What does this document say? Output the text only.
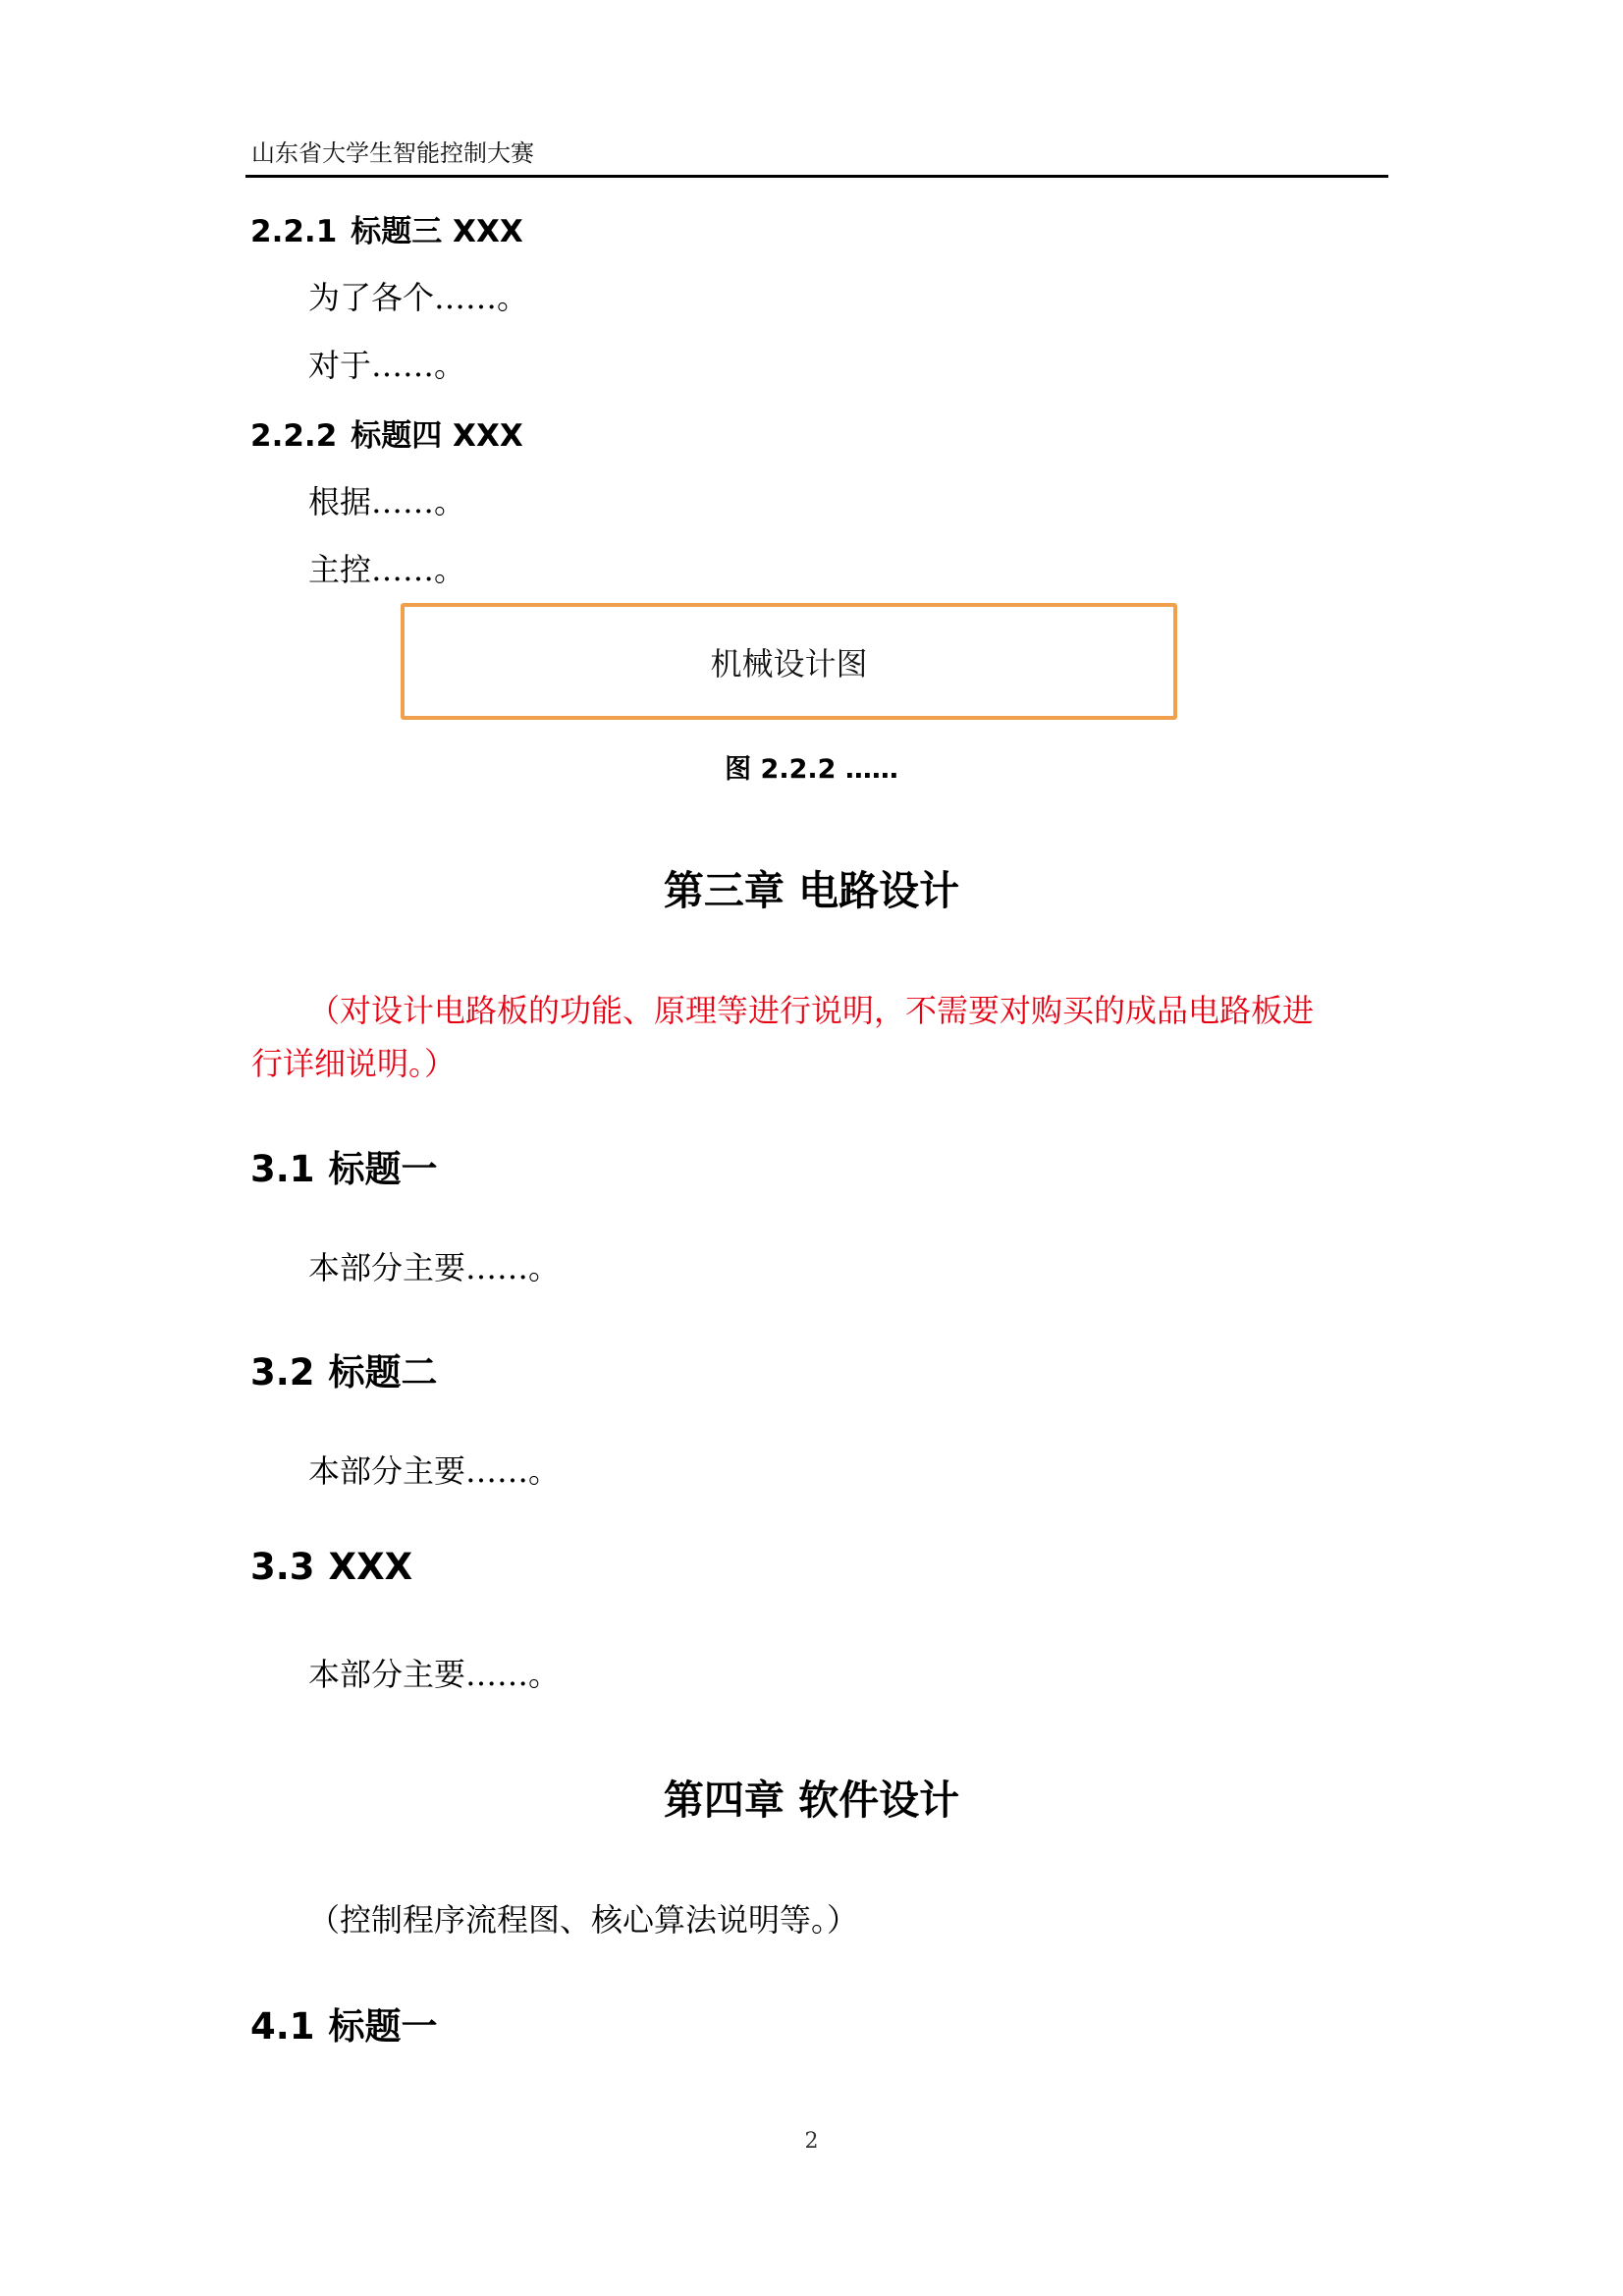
山东省大学生智能控制大赛
2.2.1 标题三 XXX
为了各个……。
对于……。
2.2.2 标题四 XXX
根据……。
主控……。
机械设计图
图 2.2.2 ……
第三章 电路设计
（对设计电路板的功能、原理等进行说明，不需要对购买的成品电路板进
行详细说明。）
3.1 标题一
本部分主要……。
3.2 标题二
本部分主要……。
3.3 XXX
本部分主要……。
第四章 软件设计
（控制程序流程图、核心算法说明等。）
4.1 标题一
2
